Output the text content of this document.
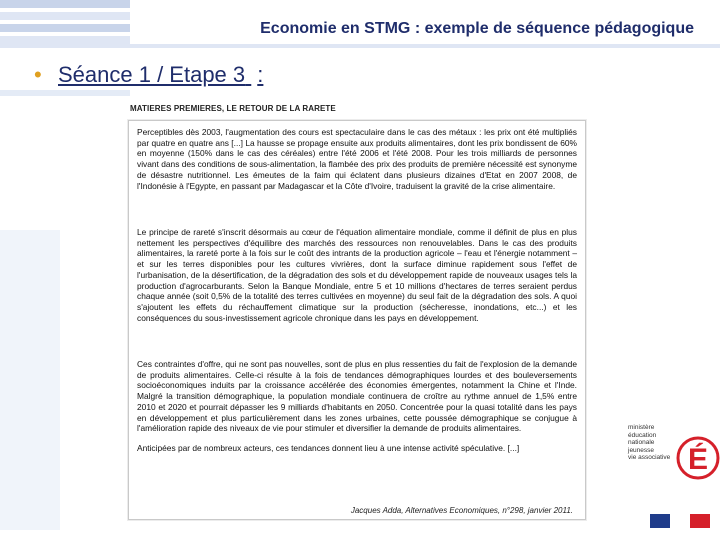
Economie en STMG : exemple de séquence pédagogique
• Séance 1 / Etape 3 :
MATIERES PREMIERES, LE RETOUR DE LA RARETE
Perceptibles dès 2003, l'augmentation des cours est spectaculaire dans le cas des métaux : les prix ont été multipliés par quatre en quatre ans [...] La hausse se propage ensuite aux produits alimentaires, dont les prix bondissent de 60% en moyenne (150% dans le cas des céréales) entre l'été 2006 et l'été 2008. Pour les trois milliards de personnes vivant dans des conditions de sous-alimentation, la flambée des prix des produits de première nécessité est synonyme de désastre nutritionnel. Les émeutes de la faim qui éclatent dans plusieurs dizaines d'Etat en 2007 2008, de l'Indonésie à l'Egypte, en passant par Madagascar et la Côte d'Ivoire, traduisent la gravité de la crise alimentaire.
Le principe de rareté s'inscrit désormais au cœur de l'équation alimentaire mondiale, comme il définit de plus en plus nettement les perspectives d'équilibre des marchés des ressources non renouvelables. Dans le cas des produits alimentaires, la rareté porte à la fois sur le coût des intrants de la production agricole – l'eau et l'énergie notamment – et sur les terres disponibles pour les cultures vivrières, dont la surface diminue rapidement sous l'effet de l'urbanisation, de la désertification, de la dégradation des sols et du développement rapide de nouveaux usages tels la production d'agrocarburants. Selon la Banque Mondiale, entre 5 et 10 millions d'hectares de terres seraient perdus chaque année (soit 0,5% de la totalité des terres cultivées en moyenne) du seul fait de la dégradation des sols. A quoi s'ajoutent les effets du réchauffement climatique sur la production (sécheresse, inondations, etc...) et les conséquences du sous-investissement agricole chronique dans les pays en développement.
Ces contraintes d'offre, qui ne sont pas nouvelles, sont de plus en plus ressenties du fait de l'explosion de la demande de produits alimentaires. Celle-ci résulte à la fois de tendances démographiques lourdes et des bouleversements socioéconomiques induits par la croissance accélérée des économies émergentes, notamment la Chine et l'Inde. Malgré la transition démographique, la population mondiale continuera de croître au rythme annuel de 1,5% entre 2010 et 2020 et pourrait dépasser les 9 milliards d'habitants en 2050. Concentrée pour la quasi totalité dans les pays en développement et plus particulièrement dans les zones urbaines, cette poussée démographique se conjugue à l'amélioration rapide des niveaux de vie pour stimuler et diversifier la demande de produits alimentaires.
Anticipées par de nombreux acteurs, ces tendances donnent lieu à une intense activité spéculative. [...]
Jacques Adda, Alternatives Economiques, n°298, janvier 2011.
ministère
éducation
nationale
jeunesse
vie associative É
